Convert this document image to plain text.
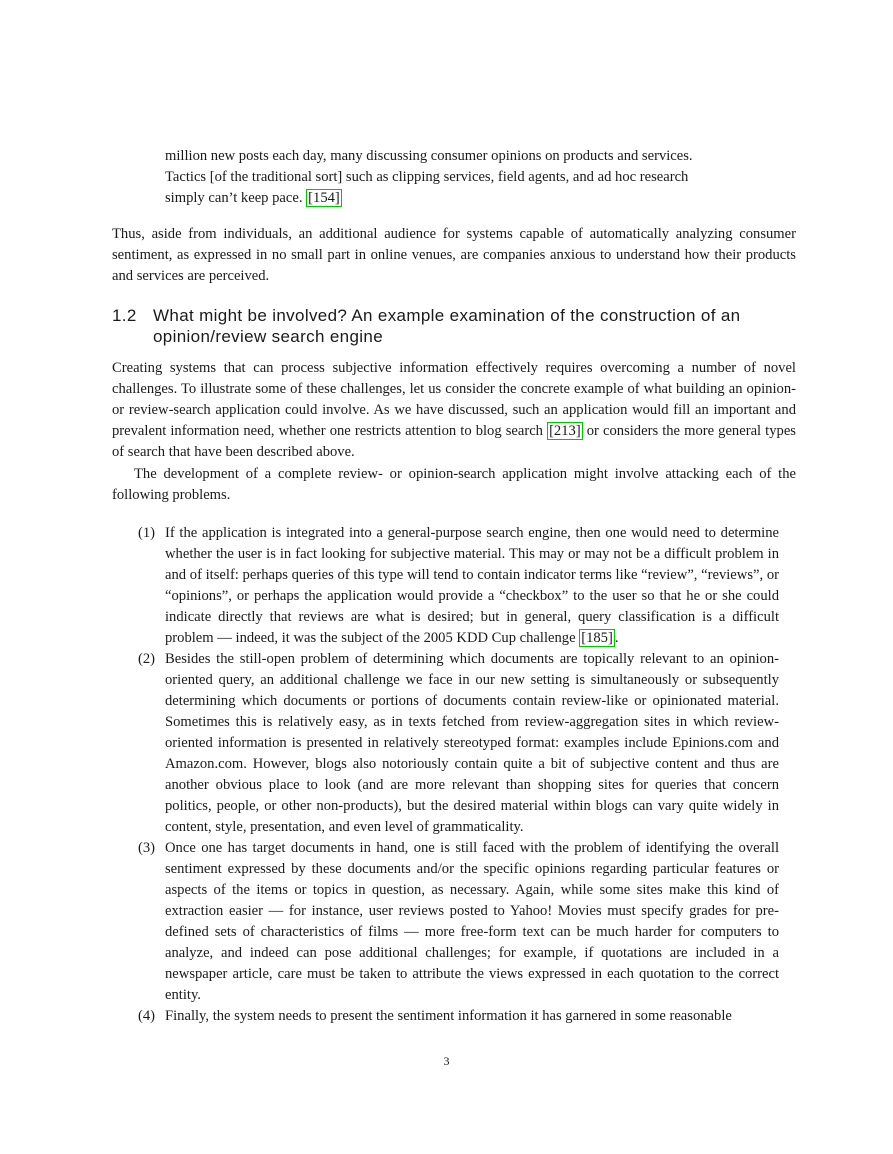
million new posts each day, many discussing consumer opinions on products and services.

Tactics [of the traditional sort] such as clipping services, field agents, and ad hoc research

simply can’t keep pace. [154]

Thus, aside from individuals, an additional audience for systems capable of automatically analyzing consumer sentiment, as expressed in no small part in online venues, are companies anxious to understand how their products and services are perceived.

1.2 What might be involved? An example examination of the construction of an opinion/review search engine

Creating systems that can process subjective information effectively requires overcoming a number of novel challenges. To illustrate some of these challenges, let us consider the concrete example of what building an opinion- or review-search application could involve. As we have discussed, such an application would fill an important and prevalent information need, whether one restricts attention to blog search [213] or considers the more general types of search that have been described above.

The development of a complete review- or opinion-search application might involve attacking each of the following problems.

(1) If the application is integrated into a general-purpose search engine, then one would need to determine whether the user is in fact looking for subjective material. This may or may not be a difficult problem in and of itself: perhaps queries of this type will tend to contain indicator terms like “review”, “reviews”, or “opinions”, or perhaps the application would provide a “checkbox” to the user so that he or she could indicate directly that reviews are what is desired; but in general, query classification is a difficult problem — indeed, it was the subject of the 2005 KDD Cup challenge [185] .
(2) Besides the still-open problem of determining which documents are topically relevant to an opinion-oriented query, an additional challenge we face in our new setting is simultaneously or subsequently determining which documents or portions of documents contain review-like or opinionated material. Sometimes this is relatively easy, as in texts fetched from review-aggregation sites in which review-oriented information is presented in relatively stereotyped format: examples include Epinions.com and Amazon.com. However, blogs also notoriously contain quite a bit of subjective content and thus are another obvious place to look (and are more relevant than shopping sites for queries that concern politics, people, or other non-products), but the desired material within blogs can vary quite widely in content, style, presentation, and even level of grammaticality.
(3) Once one has target documents in hand, one is still faced with the problem of identifying the overall sentiment expressed by these documents and/or the specific opinions regarding particular features or aspects of the items or topics in question, as necessary. Again, while some sites make this kind of extraction easier — for instance, user reviews posted to Yahoo! Movies must specify grades for pre-defined sets of characteristics of films — more free-form text can be much harder for computers to analyze, and indeed can pose additional challenges; for example, if quotations are included in a newspaper article, care must be taken to attribute the views expressed in each quotation to the correct entity.
(4) Finally, the system needs to present the sentiment information it has garnered in some reasonable
3
